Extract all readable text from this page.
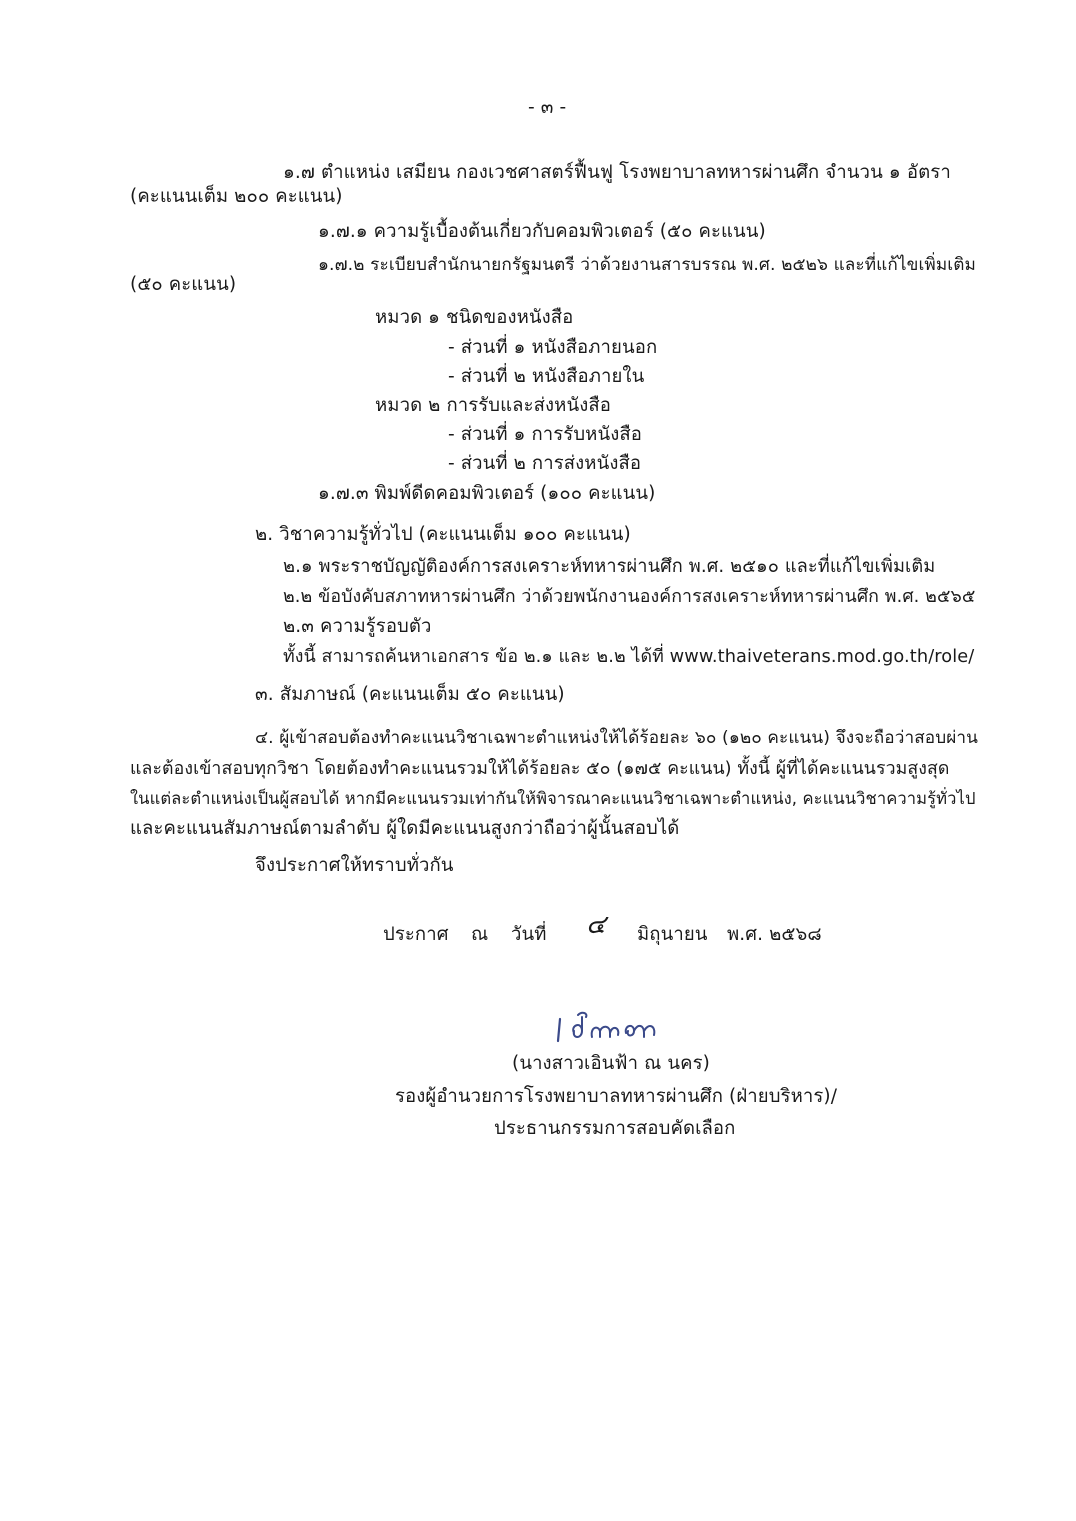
- ๓ -
๑.๗ ตำแหน่ง เสมียน กองเวชศาสตร์ฟื้นฟู โรงพยาบาลทหารผ่านศึก จำนวน ๑ อัตรา
(คะแนนเต็ม ๒๐๐ คะแนน)
๑.๗.๑ ความรู้เบื้องต้นเกี่ยวกับคอมพิวเตอร์ (๕๐ คะแนน)
๑.๗.๒ ระเบียบสำนักนายกรัฐมนตรี ว่าด้วยงานสารบรรณ พ.ศ. ๒๕๒๖ และที่แก้ไขเพิ่มเติม
(๕๐ คะแนน)
หมวด ๑ ชนิดของหนังสือ
- ส่วนที่ ๑ หนังสือภายนอก
- ส่วนที่ ๒ หนังสือภายใน
หมวด ๒ การรับและส่งหนังสือ
- ส่วนที่ ๑ การรับหนังสือ
- ส่วนที่ ๒ การส่งหนังสือ
๑.๗.๓ พิมพ์ดีดคอมพิวเตอร์ (๑๐๐ คะแนน)
๒. วิชาความรู้ทั่วไป (คะแนนเต็ม ๑๐๐ คะแนน)
๒.๑ พระราชบัญญัติองค์การสงเคราะห์ทหารผ่านศึก พ.ศ. ๒๕๑๐ และที่แก้ไขเพิ่มเติม
๒.๒ ข้อบังคับสภาทหารผ่านศึก ว่าด้วยพนักงานองค์การสงเคราะห์ทหารผ่านศึก พ.ศ. ๒๕๖๕
๒.๓ ความรู้รอบตัว
ทั้งนี้ สามารถค้นหาเอกสาร ข้อ ๒.๑ และ ๒.๒ ได้ที่ www.thaiveterans.mod.go.th/role/
๓. สัมภาษณ์ (คะแนนเต็ม ๕๐ คะแนน)
๔. ผู้เข้าสอบต้องทำคะแนนวิชาเฉพาะตำแหน่งให้ได้ร้อยละ ๖๐ (๑๒๐ คะแนน) จึงจะถือว่าสอบผ่าน
และต้องเข้าสอบทุกวิชา โดยต้องทำคะแนนรวมให้ได้ร้อยละ ๕๐ (๑๗๕ คะแนน) ทั้งนี้ ผู้ที่ได้คะแนนรวมสูงสุด
ในแต่ละตำแหน่งเป็นผู้สอบได้ หากมีคะแนนรวมเท่ากันให้พิจารณาคะแนนวิชาเฉพาะตำแหน่ง, คะแนนวิชาความรู้ทั่วไป
และคะแนนสัมภาษณ์ตามลำดับ ผู้ใดมีคะแนนสูงกว่าถือว่าผู้นั้นสอบได้
จึงประกาศให้ทราบทั่วกัน
ประกาศ ณ วันที่ ๔ มิถุนายน พ.ศ. ๒๕๖๘
(นางสาวเอินฟ้า ณ นคร)
รองผู้อำนวยการโรงพยาบาลทหารผ่านศึก (ฝ่ายบริหาร)/
ประธานกรรมการสอบคัดเลือก
